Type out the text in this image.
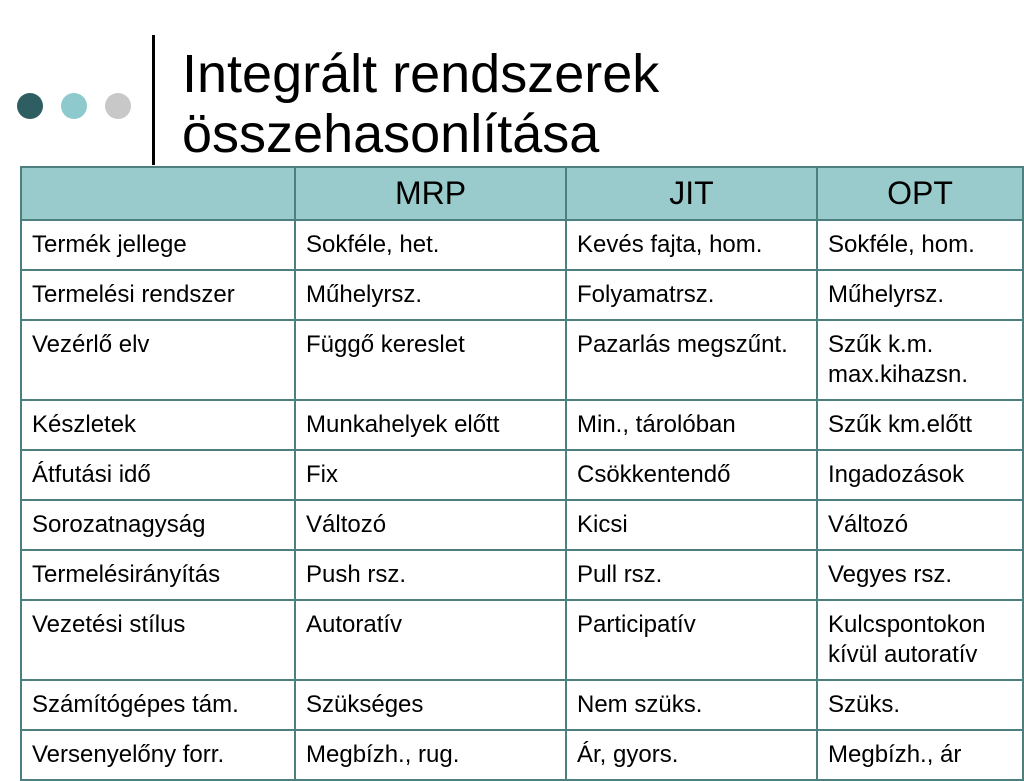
Integrált rendszerek
összehasonlítása
	MRP	JIT	OPT
Termék jellege	Sokféle, het.	Kevés fajta, hom.	Sokféle, hom.
Termelési rendszer	Műhelyrsz.	Folyamatrsz.	Műhelyrsz.
Vezérlő elv	Függő kereslet	Pazarlás megszűnt.	Szűk k.m. max.kihazsn.
Készletek	Munkahelyek előtt	Min., tárolóban	Szűk km.előtt
Átfutási idő	Fix	Csökkentendő	Ingadozások
Sorozatnagyság	Változó	Kicsi	Változó
Termelésirányítás	Push rsz.	Pull rsz.	Vegyes rsz.
Vezetési stílus	Autoratív	Participatív	Kulcspontokon kívül autoratív
Számítógépes tám.	Szükséges	Nem szüks.	Szüks.
Versenyelőny forr.	Megbízh., rug.	Ár, gyors.	Megbízh., ár
